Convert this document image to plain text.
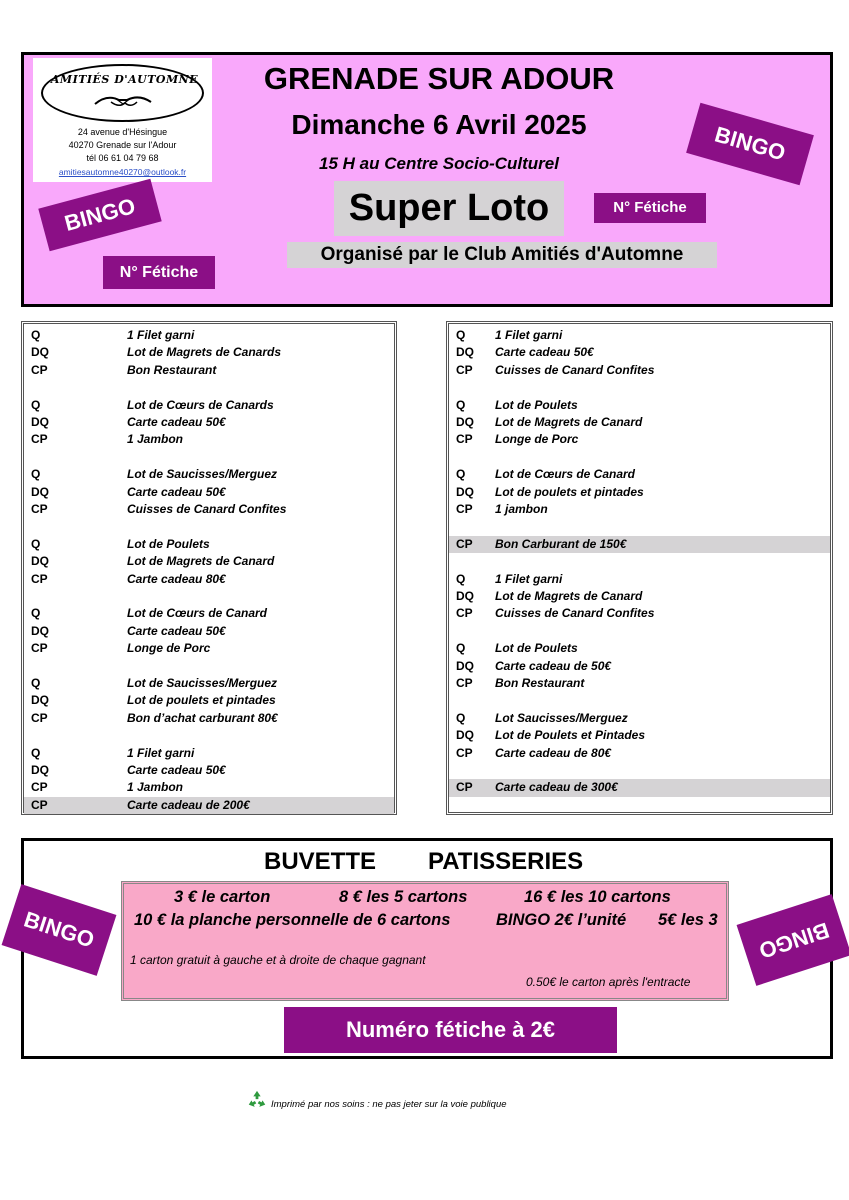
AMITIÉS D'AUTOMNE
24 avenue d'Hésingue
40270 Grenade sur l'Adour
tél 06 61 04 79 68
amitiesautomne40270@outlook.fr
BINGO
BINGO
N° Fétiche
N° Fétiche
GRENADE SUR ADOUR
Dimanche 6 Avril 2025
15 H au Centre Socio-Culturel
Super Loto
Organisé par le Club Amitiés d'Automne
Q	1 Filet garni
DQ	Lot de Magrets de Canards
CP	Bon Restaurant
Q	Lot de Cœurs de Canards
DQ	Carte cadeau 50€
CP	1 Jambon
Q	Lot de Saucisses/Merguez
DQ	Carte cadeau 50€
CP	Cuisses de Canard Confites
Q	Lot de Poulets
DQ	Lot de Magrets de Canard
CP	Carte cadeau 80€
Q	Lot de Cœurs de Canard
DQ	Carte cadeau 50€
CP	Longe de Porc
Q	Lot de Saucisses/Merguez
DQ	Lot de poulets et pintades
CP	Bon d’achat carburant 80€
Q	1 Filet garni
DQ	Carte cadeau 50€
CP	1 Jambon
CP	Carte cadeau de 200€
Q 1 Filet garni
DQ Carte cadeau 50€
CP Cuisses de Canard Confites
Q Lot de Poulets
DQ Lot de Magrets de Canard
CP Longe de Porc
Q Lot de Cœurs de Canard
DQ Lot de poulets et pintades
CP 1 jambon
CP Bon Carburant de 150€
Q 1 Filet garni
DQ Lot de Magrets de Canard
CP Cuisses de Canard Confites
Q Lot de Poulets
DQ Carte cadeau de 50€
CP Bon Restaurant
Q Lot Saucisses/Merguez
DQ Lot de Poulets et Pintades
CP Carte cadeau de 80€
CP Carte cadeau de 300€
BUVETTE PATISSERIES
BINGO	BINGO
3 € le carton	8 € les 5 cartons	16 € les 10 cartons
10 € la planche personnelle de 6 cartons	BINGO 2€ l’unité 5€ les 3
1 carton gratuit à gauche et à droite de chaque gagnant
0.50€ le carton après l'entracte
Numéro fétiche à 2€
Imprimé par nos soins : ne pas jeter sur la voie publique
